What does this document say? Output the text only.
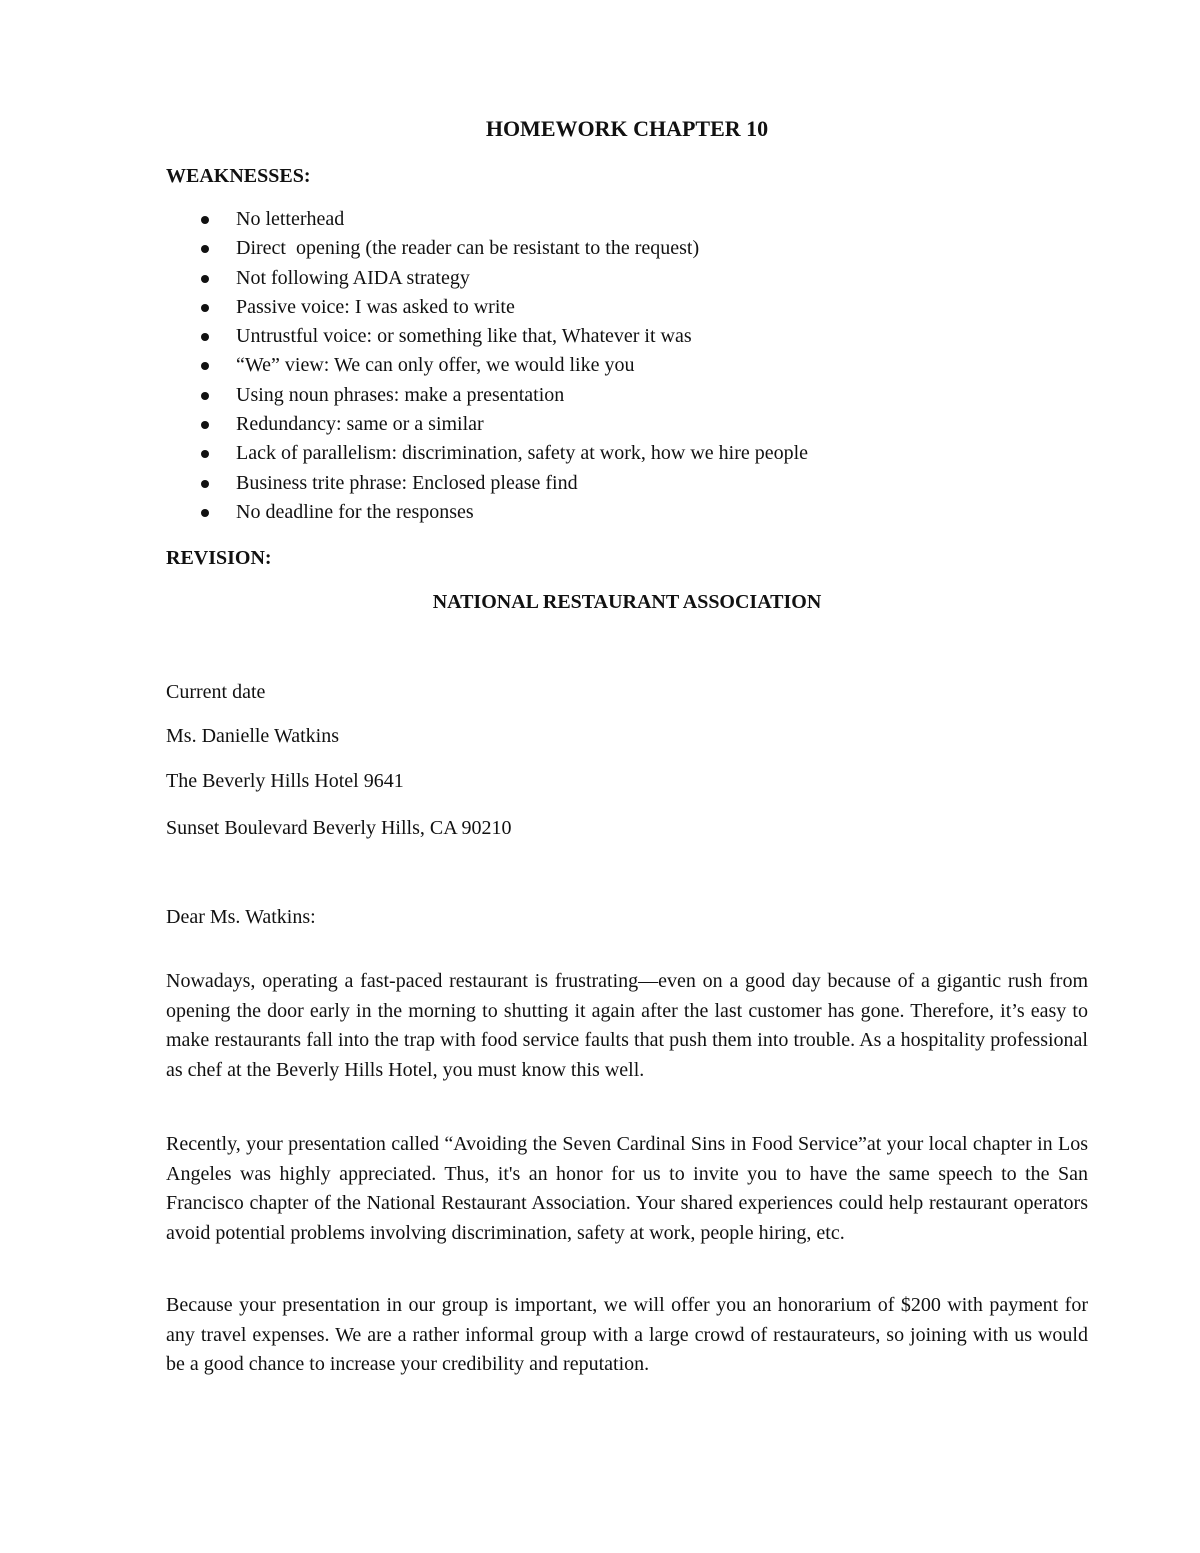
HOMEWORK CHAPTER 10
WEAKNESSES:
No letterhead
Direct  opening (the reader can be resistant to the request)
Not following AIDA strategy
Passive voice: I was asked to write
Untrustful voice: or something like that, Whatever it was
“We” view: We can only offer, we would like you
Using noun phrases: make a presentation
Redundancy: same or a similar
Lack of parallelism: discrimination, safety at work, how we hire people
Business trite phrase: Enclosed please find
No deadline for the responses
REVISION:
NATIONAL RESTAURANT ASSOCIATION
Current date
Ms. Danielle Watkins
The Beverly Hills Hotel 9641
Sunset Boulevard Beverly Hills, CA 90210
Dear Ms. Watkins:

Nowadays, operating a fast-paced restaurant is frustrating—even on a good day because of a gigantic rush from opening the door early in the morning to shutting it again after the last customer has gone. Therefore, it’s easy to make restaurants fall into the trap with food service faults that push them into trouble. As a hospitality professional as chef at the Beverly Hills Hotel, you must know this well.

Recently, your presentation called “Avoiding the Seven Cardinal Sins in Food Service”at your local chapter in Los Angeles was highly appreciated. Thus, it's an honor for us to invite you to have the same speech to the San Francisco chapter of the National Restaurant Association. Your shared experiences could help restaurant operators avoid potential problems involving discrimination, safety at work, people hiring, etc.

Because your presentation in our group is important, we will offer you an honorarium of $200 with payment for any travel expenses. We are a rather informal group with a large crowd of restaurateurs, so joining with us would be a good chance to increase your credibility and reputation.
